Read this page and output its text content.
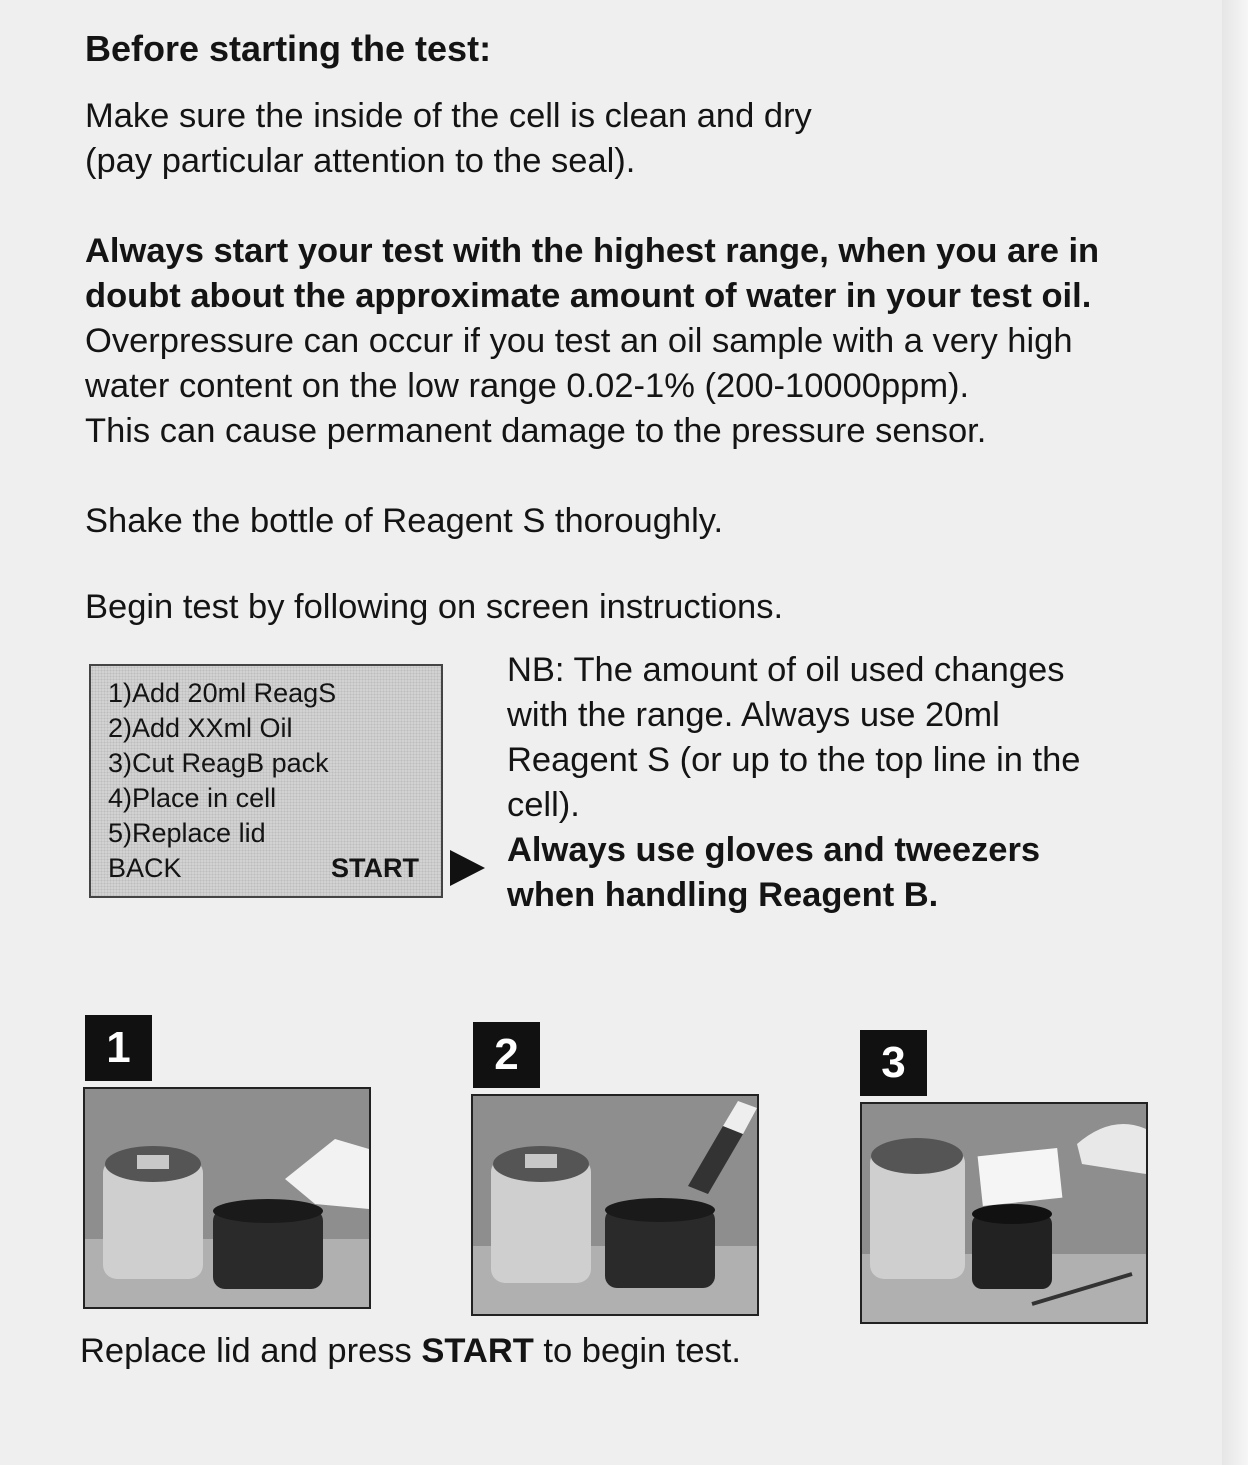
Before starting the test:
Make sure the inside of the cell is clean and dry
(pay particular attention to the seal).
Always start your test with the highest range, when you are in
doubt about the approximate amount of water in your test oil.
Overpressure can occur if you test an oil sample with a very high
water content on the low range 0.02-1% (200-10000ppm).
This can cause permanent damage to the pressure sensor.
Shake the bottle of Reagent S thoroughly.
Begin test by following on screen instructions.
1)Add 20ml ReagS
2)Add XXml Oil
3)Cut ReagB pack
4)Place in cell
5)Replace lid
BACK	START
NB: The amount of oil used changes
with the range. Always use 20ml
Reagent S (or up to the top line in the
cell).
Always use gloves and tweezers
when handling Reagent B.
1	2	3
Replace lid and press START to begin test.
